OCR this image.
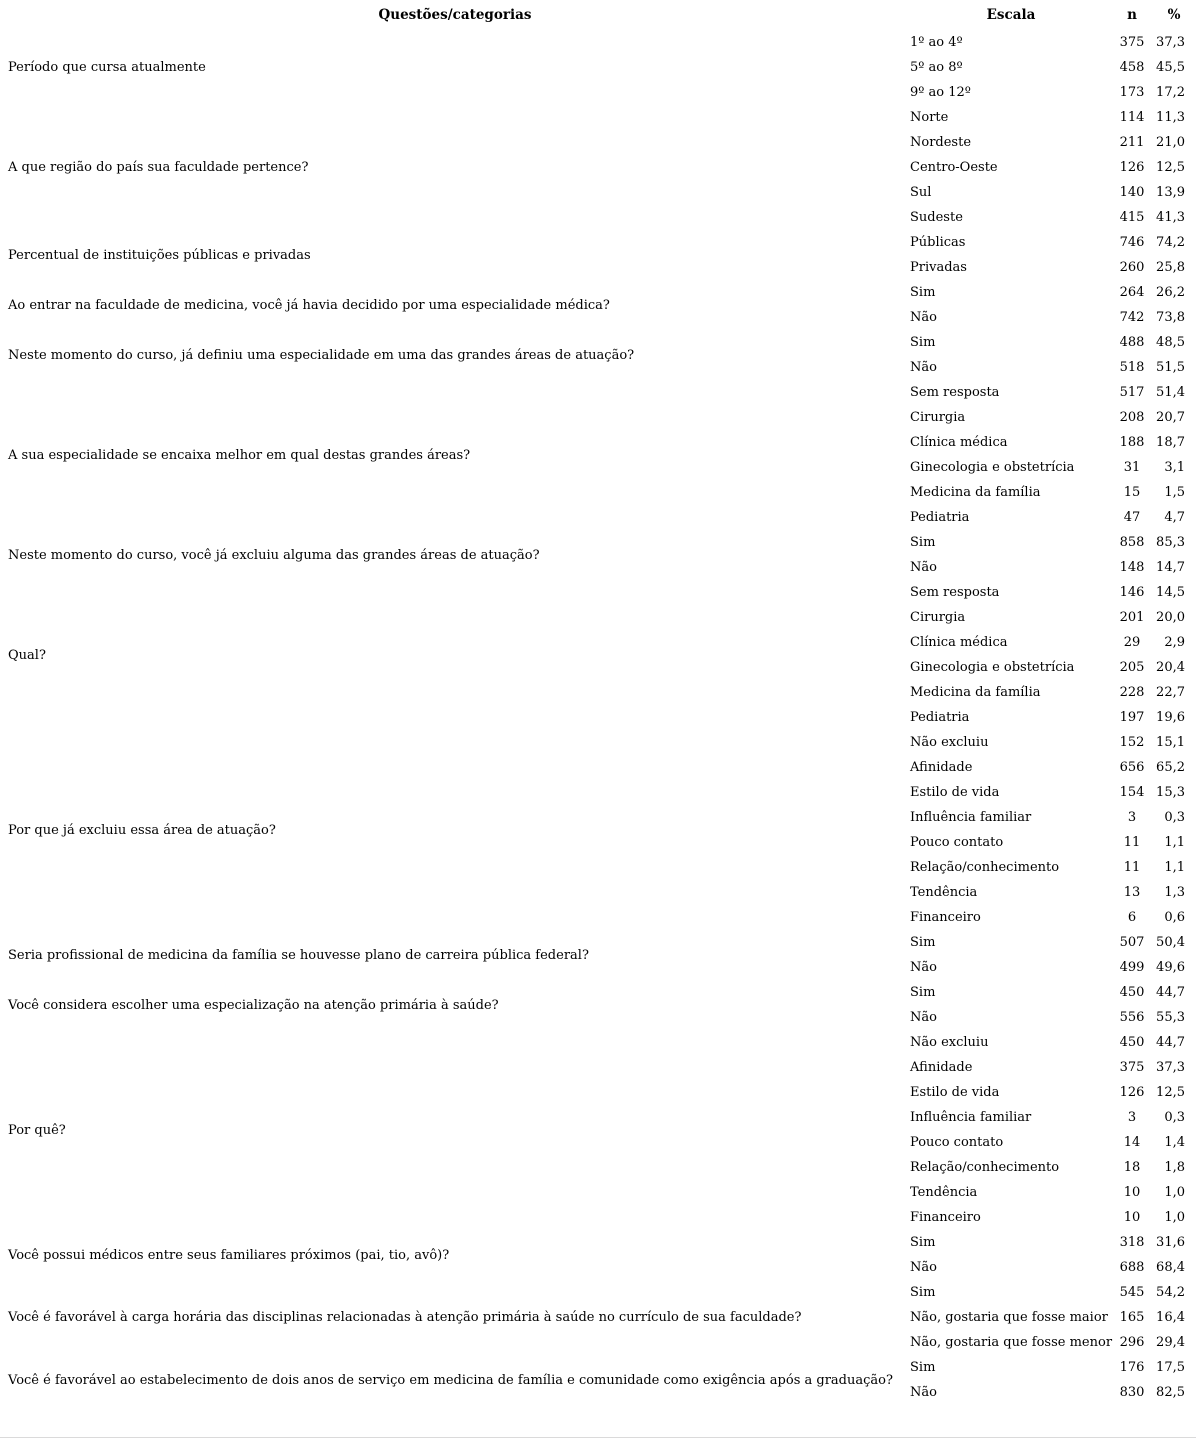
Questões/categorias	Escala	n	%
Período que cursa atualmente	1º ao 4º	375	37,3
	5º ao 8º	458	45,5
	9º ao 12º	173	17,2
A que região do país sua faculdade pertence?	Norte	114	11,3
	Nordeste	211	21,0
	Centro-Oeste	126	12,5
	Sul	140	13,9
	Sudeste	415	41,3
Percentual de instituições públicas e privadas	Públicas	746	74,2
	Privadas	260	25,8
Ao entrar na faculdade de medicina, você já havia decidido por uma especialidade médica?	Sim	264	26,2
	Não	742	73,8
Neste momento do curso, já definiu uma especialidade em uma das grandes áreas de atuação?	Sim	488	48,5
	Não	518	51,5
A sua especialidade se encaixa melhor em qual destas grandes áreas?	Sem resposta	517	51,4
	Cirurgia	208	20,7
	Clínica médica	188	18,7
	Ginecologia e obstetrícia	31	3,1
	Medicina da família	15	1,5
	Pediatria	47	4,7
Neste momento do curso, você já excluiu alguma das grandes áreas de atuação?	Sim	858	85,3
	Não	148	14,7
Qual?	Sem resposta	146	14,5
	Cirurgia	201	20,0
	Clínica médica	29	2,9
	Ginecologia e obstetrícia	205	20,4
	Medicina da família	228	22,7
	Pediatria	197	19,6
Por que já excluiu essa área de atuação?	Não excluiu	152	15,1
	Afinidade	656	65,2
	Estilo de vida	154	15,3
	Influência familiar	3	0,3
	Pouco contato	11	1,1
	Relação/conhecimento	11	1,1
	Tendência	13	1,3
	Financeiro	6	0,6
Seria profissional de medicina da família se houvesse plano de carreira pública federal?	Sim	507	50,4
	Não	499	49,6
Você considera escolher uma especialização na atenção primária à saúde?	Sim	450	44,7
	Não	556	55,3
Por quê?	Não excluiu	450	44,7
	Afinidade	375	37,3
	Estilo de vida	126	12,5
	Influência familiar	3	0,3
	Pouco contato	14	1,4
	Relação/conhecimento	18	1,8
	Tendência	10	1,0
	Financeiro	10	1,0
Você possui médicos entre seus familiares próximos (pai, tio, avô)?	Sim	318	31,6
	Não	688	68,4
Você é favorável à carga horária das disciplinas relacionadas à atenção primária à saúde no currículo de sua faculdade?	Sim	545	54,2
	Não, gostaria que fosse maior	165	16,4
	Não, gostaria que fosse menor	296	29,4
Você é favorável ao estabelecimento de dois anos de serviço em medicina de família e comunidade como exigência após a graduação?	Sim	176	17,5
	Não	830	82,5
